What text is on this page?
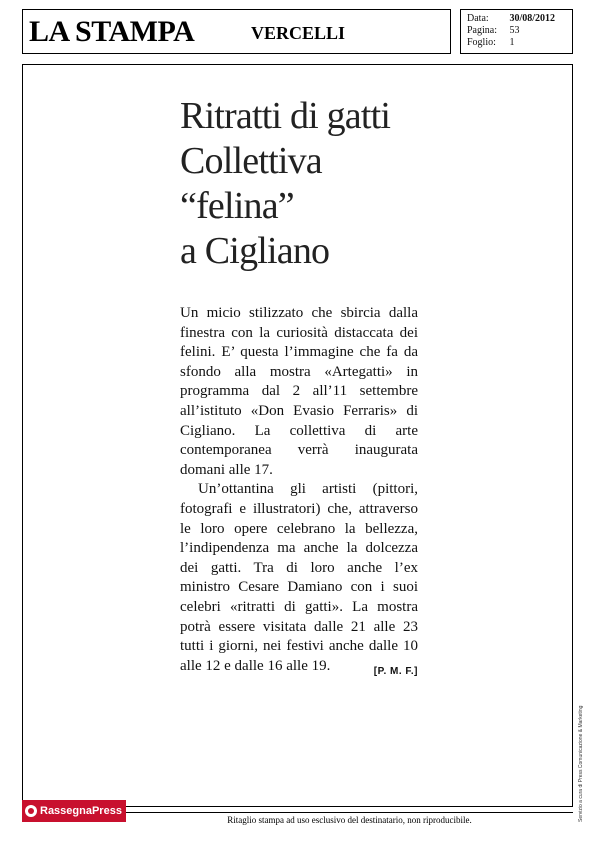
LA STAMPA	VERCELLI
Data: 30/08/2012
Pagina: 53
Foglio: 1
Ritratti di gatti
Collettiva
“felina”
a Cigliano

Un micio stilizzato che sbircia dalla finestra con la curiosità distaccata dei felini. E’ questa l’immagine che fa da sfondo alla mostra «Artegatti» in programma dal 2 all’11 settembre all’istituto «Don Evasio Ferraris» di Cigliano. La collettiva di arte contemporanea verrà inaugurata domani alle 17.

Un’ottantina gli artisti (pittori, fotografi e illustratori) che, attraverso le loro opere celebrano la bellezza, l’indipendenza ma anche la dolcezza dei gatti. Tra di loro anche l’ex ministro Cesare Damiano con i suoi celebri «ritratti di gatti». La mostra potrà essere visitata dalle 21 alle 23 tutti i giorni, nei festivi anche dalle 10 alle 12 e dalle 16 alle 19.	[P. M. F.]

Servizio a cura di Press Comunicazione & Marketing
RassegnaPress
Ritaglio stampa ad uso esclusivo del destinatario, non riproducibile.
